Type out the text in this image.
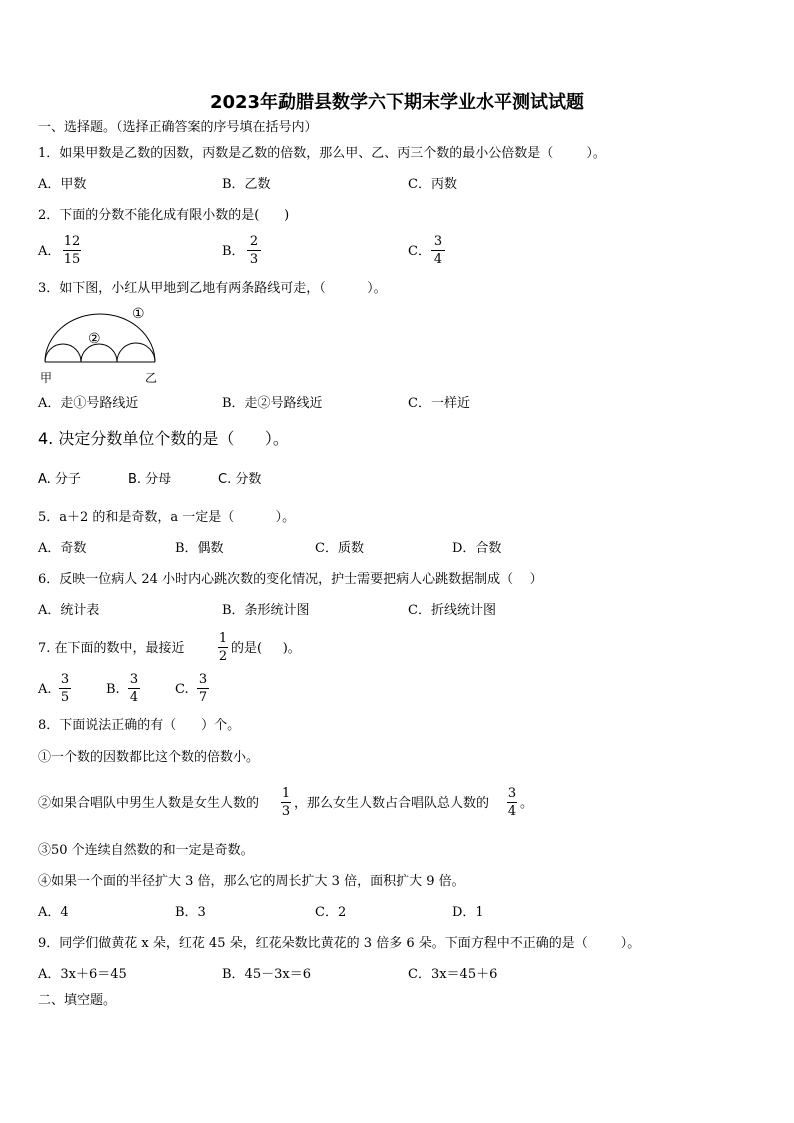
2023年勐腊县数学六下期末学业水平测试试题
一、选择题。（选择正确答案的序号填在括号内）
1．如果甲数是乙数的因数，丙数是乙数的倍数，那么甲、乙、丙三个数的最小公倍数是（        ）。
A．甲数	B．乙数	C．丙数
2．下面的分数不能化成有限小数的是(      )
A．
12
15
B．
2
3
C．
3
4
3．如下图，小红从甲地到乙地有两条路线可走，（          ）。
①
②
甲	乙
A．走①号路线近	B．走②号路线近	C．一样近
4. 决定分数单位个数的是（      ）。
A. 分子	B. 分母	C. 分数
5．a＋2 的和是奇数，a 一定是（          ）。
A．奇数	B．偶数	C．质数	D．合数
6．反映一位病人 24 小时内心跳次数的变化情况，护士需要把病人心跳数据制成（    ）
A．统计表	B．条形统计图	C．折线统计图
7. 在下面的数中，最接近
1
2
的是(     )。
A.
3
5
B.
3
4
C.
3
7
8．下面说法正确的有（      ）个。
①一个数的因数都比这个数的倍数小。
②如果合唱队中男生人数是女生人数的
1
3
，那么女生人数占合唱队总人数的
3
4
。
③50 个连续自然数的和一定是奇数。
④如果一个面的半径扩大 3 倍，那么它的周长扩大 3 倍，面积扩大 9 倍。
A．4	B．3	C．2	D．1
9．同学们做黄花 x 朵，红花 45 朵，红花朵数比黄花的 3 倍多 6 朵。下面方程中不正确的是（        ）。
A．3x＋6＝45	B．45－3x＝6	C．3x＝45＋6
二、填空题。
